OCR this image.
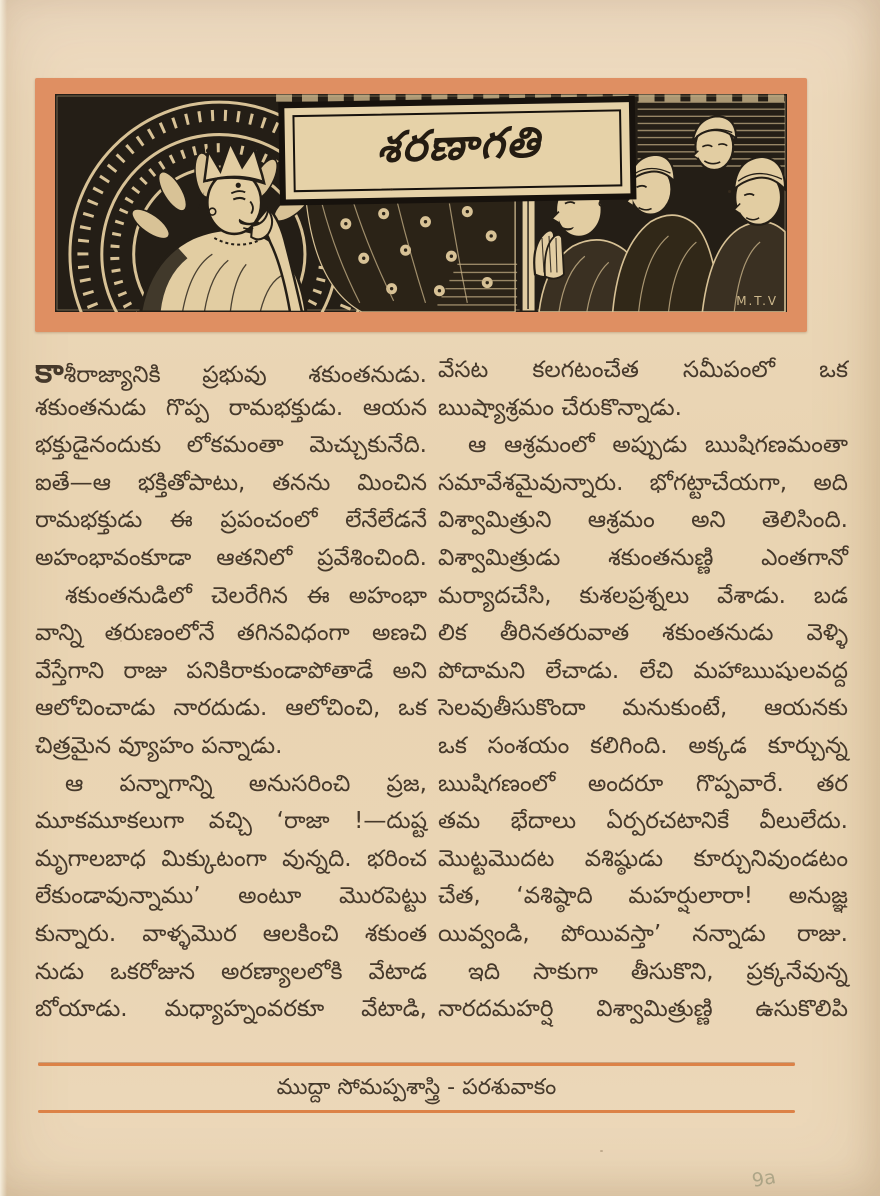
M.T.V
శరణాగతి
కాశీరాజ్యానికి ప్రభువు శకుంతనుడు.
శకుంతనుడు గొప్ప రామభక్తుడు. ఆయన
భక్తుడైనందుకు లోకమంతా మెచ్చుకునేది.
ఐతే—ఆ భక్తితోపాటు, తనను మించిన
రామభక్తుడు ఈ ప్రపంచంలో లేనేలేడనే
అహంభావంకూడా ఆతనిలో ప్రవేశించింది.
శకుంతనుడిలో చెలరేగిన ఈ అహంభా
వాన్ని తరుణంలోనే తగినవిధంగా అణచి
వేస్తేగాని రాజు పనికిరాకుండాపోతాడే అని
ఆలోచించాడు నారదుడు. ఆలోచించి, ఒక
చిత్రమైన వ్యూహం పన్నాడు.
ఆ పన్నాగాన్ని అనుసరించి ప్రజ,
మూకమూకలుగా వచ్చి ‘రాజా !—దుష్ట
మృగాలబాధ మిక్కుటంగా వున్నది. భరించ
లేకుండావున్నాము’ అంటూ మొరపెట్టు
కున్నారు. వాళ్ళమొర ఆలకించి శకుంత
నుడు ఒకరోజున అరణ్యాలలోకి వేటాడ
బోయాడు. మధ్యాహ్నంవరకూ వేటాడి,
వేసట కలగటంచేత సమీపంలో ఒక
ఋష్యాశ్రమం చేరుకొన్నాడు.
ఆ ఆశ్రమంలో అప్పుడు ఋషిగణమంతా
సమావేశమైవున్నారు. భోగట్టాచేయగా, అది
విశ్వామిత్రుని ఆశ్రమం అని తెలిసింది.
విశ్వామిత్రుడు శకుంతనుణ్ణి ఎంతగానో
మర్యాదచేసి, కుశలప్రశ్నలు వేశాడు. బడ
లిక తీరినతరువాత శకుంతనుడు వెళ్ళి
పోదామని లేచాడు. లేచి మహాఋషులవద్ద
సెలవుతీసుకొందా మనుకుంటే, ఆయనకు
ఒక సంశయం కలిగింది. అక్కడ కూర్చున్న
ఋషిగణంలో అందరూ గొప్పవారే. తర
తమ భేదాలు ఏర్పరచటానికే వీలులేదు.
మొట్టమొదట వశిష్ఠుడు కూర్చునివుండటం
చేత, ‘వశిష్ఠాది మహర్షులారా! అనుజ్ఞ
యివ్వండి, పోయివస్తా’ నన్నాడు రాజు.
ఇది సాకుగా తీసుకొని, ప్రక్కనేవున్న
నారదమహర్షి విశ్వామిత్రుణ్ణి ఉసుకొలిపి
ముద్దా సోమప్పశాస్త్రి - పరశువాకం
9a
